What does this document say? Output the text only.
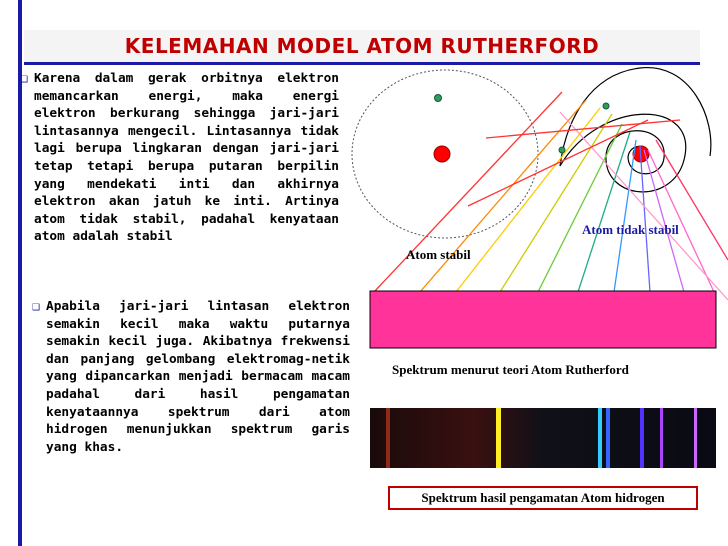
KELEMAHAN MODEL ATOM RUTHERFORD
❑ Karena dalam gerak orbitnya elektron memancarkan energi, maka energi elektron berkurang sehingga jari-jari lintasannya mengecil. Lintasannya tidak lagi berupa lingkaran dengan jari-jari tetap tetapi berupa putaran berpilin yang mendekati inti dan akhirnya elektron akan jatuh ke inti. Artinya atom tidak stabil, padahal kenyataan atom adalah stabil
❑ Apabila jari-jari lintasan elektron semakin kecil maka waktu putarnya semakin kecil juga. Akibatnya frekwensi dan panjang gelombang elektromag-netik yang dipancarkan menjadi bermacam macam padahal dari hasil pengamatan kenyataannya spektrum dari atom hidrogen menunjukkan spektrum garis yang khas.
Atom stabil
Atom tidak stabil
Spektrum menurut teori Atom Rutherford
Spektrum hasil pengamatan Atom hidrogen
